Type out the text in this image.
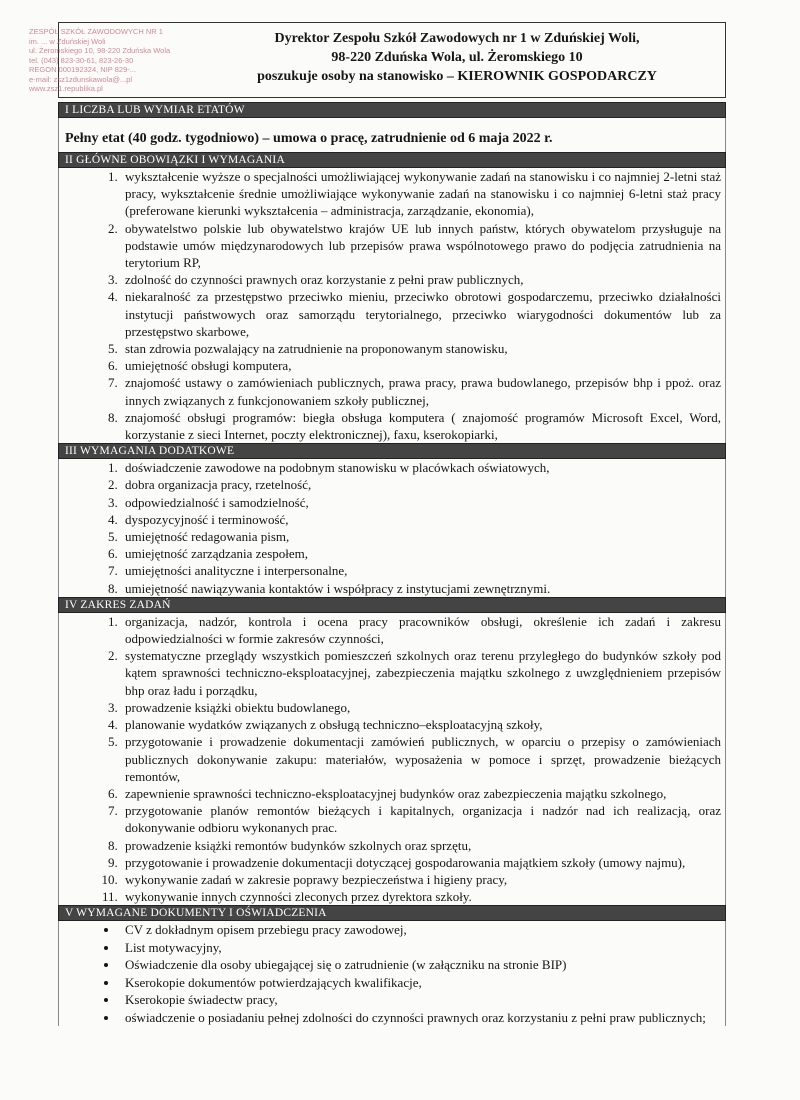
ZESPÓŁ SZKÓŁ ZAWODOWYCH NR 1
im. ... w Zduńskiej Woli
ul. Żeromskiego 10, 98-220 Zduńska Wola
tel. (043) 823-30-61, 823-26-30
REGON 000192324, NIP 829-...
e-mail: zsz1zdunskawola@...pl
www.zsz1.republika.pl
Dyrektor Zespołu Szkół Zawodowych nr 1 w Zduńskiej Woli,
98-220 Zduńska Wola, ul. Żeromskiego 10
poszukuje osoby na stanowisko – KIEROWNIK GOSPODARCZY
I LICZBA LUB WYMIAR ETATÓW
Pełny etat (40 godz. tygodniowo) – umowa o pracę, zatrudnienie od 6 maja 2022 r.
II GŁÓWNE OBOWIĄZKI I WYMAGANIA
1. wykształcenie wyższe o specjalności umożliwiającej wykonywanie zadań na stanowisku i co najmniej 2-letni staż pracy, wykształcenie średnie umożliwiające wykonywanie zadań na stanowisku i co najmniej 6-letni staż pracy (preferowane kierunki wykształcenia – administracja, zarządzanie, ekonomia),
2. obywatelstwo polskie lub obywatelstwo krajów UE lub innych państw, których obywatelom przysługuje na podstawie umów międzynarodowych lub przepisów prawa wspólnotowego prawo do podjęcia zatrudnienia na terytorium RP,
3. zdolność do czynności prawnych oraz korzystanie z pełni praw publicznych,
4. niekaralność za przestępstwo przeciwko mieniu, przeciwko obrotowi gospodarczemu, przeciwko działalności instytucji państwowych oraz samorządu terytorialnego, przeciwko wiarygodności dokumentów lub za przestępstwo skarbowe,
5. stan zdrowia pozwalający na zatrudnienie na proponowanym stanowisku,
6. umiejętność obsługi komputera,
7. znajomość ustawy o zamówieniach publicznych, prawa pracy, prawa budowlanego, przepisów bhp i ppoż. oraz innych związanych z funkcjonowaniem szkoły publicznej,
8. znajomość obsługi programów: biegła obsługa komputera ( znajomość programów Microsoft Excel, Word, korzystanie z sieci Internet, poczty elektronicznej), faxu, kserokopiarki,
III WYMAGANIA DODATKOWE
1. doświadczenie zawodowe na podobnym stanowisku w placówkach oświatowych,
2. dobra organizacja pracy, rzetelność,
3. odpowiedzialność i samodzielność,
4. dyspozycyjność i terminowość,
5. umiejętność redagowania pism,
6. umiejętność zarządzania zespołem,
7. umiejętności analityczne i interpersonalne,
8. umiejętność nawiązywania kontaktów i współpracy z instytucjami zewnętrznymi.
IV ZAKRES ZADAŃ
1. organizacja, nadzór, kontrola i ocena pracy pracowników obsługi, określenie ich zadań i zakresu odpowiedzialności w formie zakresów czynności,
2. systematyczne przeglądy wszystkich pomieszczeń szkolnych oraz terenu przyległego do budynków szkoły pod kątem sprawności techniczno-eksploatacyjnej, zabezpieczenia majątku szkolnego z uwzględnieniem przepisów bhp oraz ładu i porządku,
3. prowadzenie książki obiektu budowlanego,
4. planowanie wydatków związanych z obsługą techniczno–eksploatacyjną szkoły,
5. przygotowanie i prowadzenie dokumentacji zamówień publicznych, w oparciu o przepisy o zamówieniach publicznych dokonywanie zakupu: materiałów, wyposażenia w pomoce i sprzęt, prowadzenie bieżących remontów,
6. zapewnienie sprawności techniczno-eksploatacyjnej budynków oraz zabezpieczenia majątku szkolnego,
7. przygotowanie planów remontów bieżących i kapitalnych, organizacja i nadzór nad ich realizacją, oraz dokonywanie odbioru wykonanych prac.
8. prowadzenie książki remontów budynków szkolnych oraz sprzętu,
9. przygotowanie i prowadzenie dokumentacji dotyczącej gospodarowania majątkiem szkoły (umowy najmu),
10. wykonywanie zadań w zakresie poprawy bezpieczeństwa i higieny pracy,
11. wykonywanie innych czynności zleconych przez dyrektora szkoły.
V WYMAGANE DOKUMENTY I OŚWIADCZENIA
• CV z dokładnym opisem przebiegu pracy zawodowej,
• List motywacyjny,
• Oświadczenie dla osoby ubiegającej się o zatrudnienie (w załączniku na stronie BIP)
• Kserokopie dokumentów potwierdzających kwalifikacje,
• Kserokopie świadectw pracy,
• oświadczenie o posiadaniu pełnej zdolności do czynności prawnych oraz korzystaniu z pełni praw publicznych;
